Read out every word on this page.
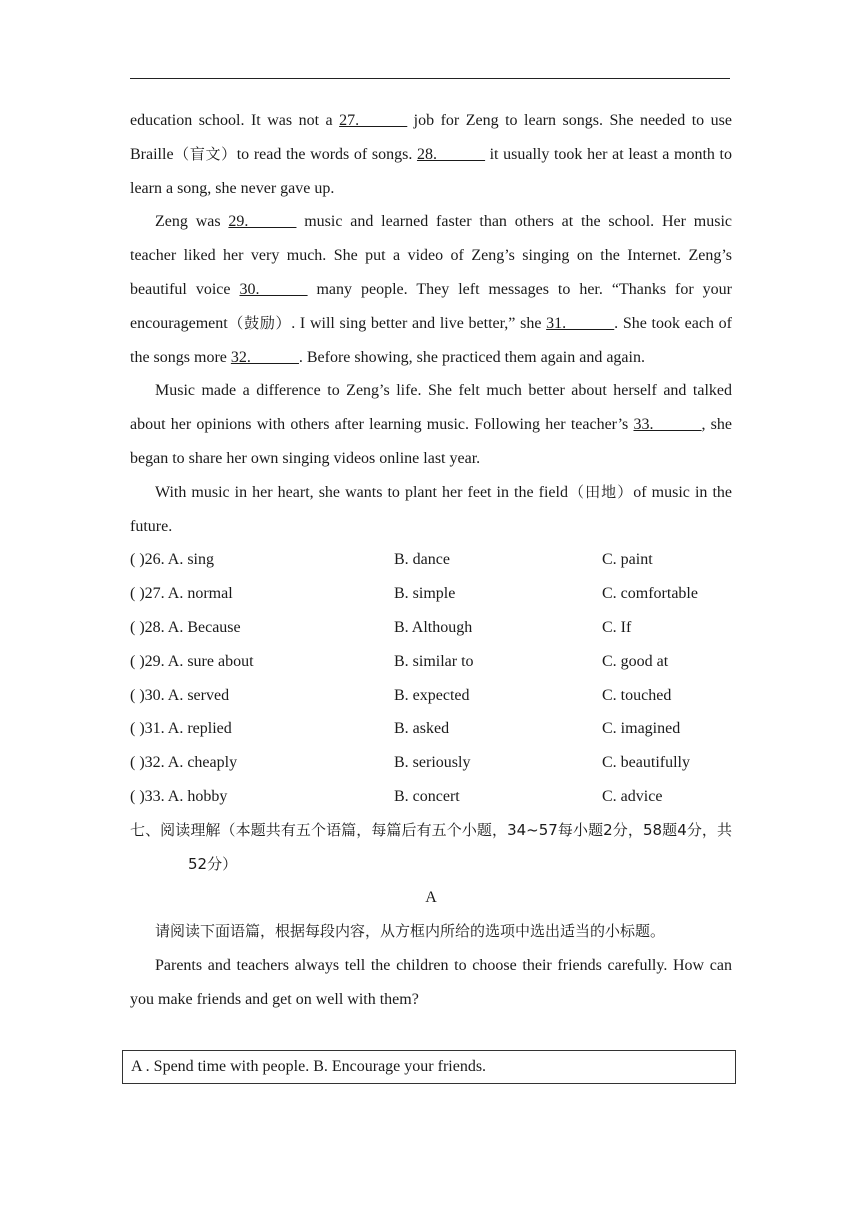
education school. It was not a 27.______ job for Zeng to learn songs. She needed to use Braille（盲文）to read the words of songs. 28.______ it usually took her at least a month to learn a song, she never gave up.

Zeng was 29.______ music and learned faster than others at the school. Her music teacher liked her very much. She put a video of Zeng’s singing on the Internet. Zeng’s beautiful voice 30.______ many people. They left messages to her. “Thanks for your encouragement（鼓励）. I will sing better and live better,” she 31.______. She took each of the songs more 32.______. Before showing, she practiced them again and again.

Music made a difference to Zeng’s life. She felt much better about herself and talked about her opinions with others after learning music. Following her teacher’s 33.______, she began to share her own singing videos online last year.

With music in her heart, she wants to plant her feet in the field（田地）of music in the future.

( )26. A. sing	B. dance	C. paint
( )27. A. normal	B. simple	C. comfortable
( )28. A. Because	B. Although	C. If
( )29. A. sure about	B. similar to	C. good at
( )30. A. served	B. expected	C. touched
( )31. A. replied	B. asked	C. imagined
( )32. A. cheaply	B. seriously	C. beautifully
( )33. A. hobby	B. concert	C. advice

七、阅读理解（本题共有五个语篇，每篇后有五个小题，34~57每小题2分，58题4分，共52分）

A

请阅读下面语篇，根据每段内容，从方框内所给的选项中选出适当的小标题。

Parents and teachers always tell the children to choose their friends carefully. How can you make friends and get on well with them?

A . Spend time with people. B. Encourage your friends.
